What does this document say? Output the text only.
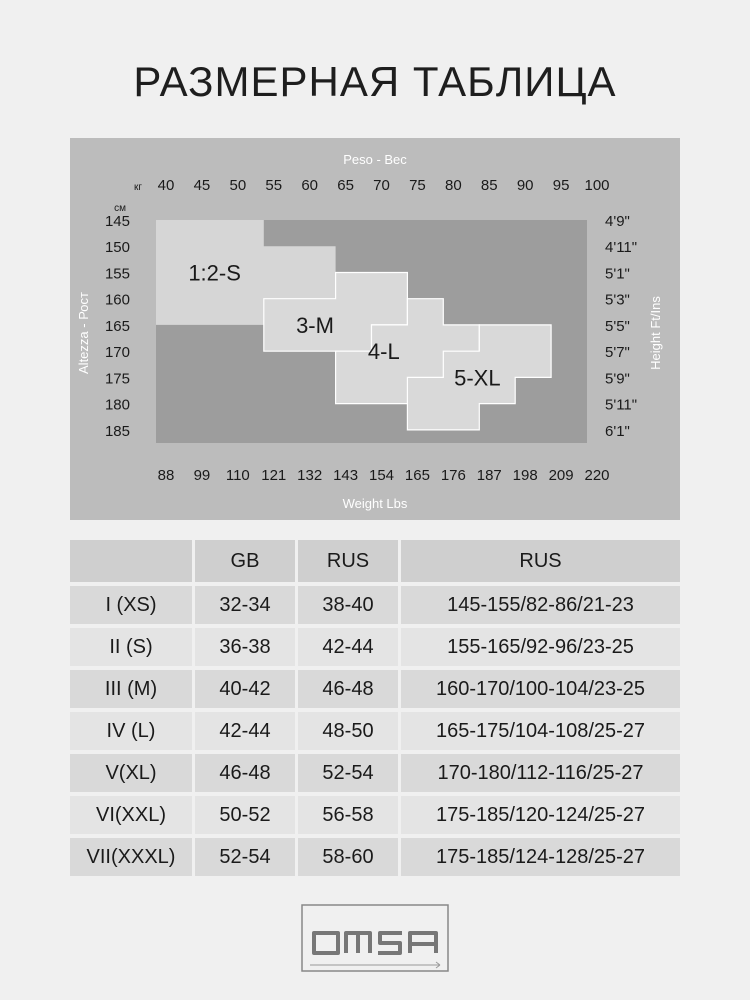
РАЗМЕРНАЯ ТАБЛИЦА
1:2-S
3-M
4-L
5-XL
Peso - Вес
кг 40 45 50 55 60 65 70 75 80 85 90 95 100
88 99 110 121 132 143 154 165 176 187 198 209 220
Weight Lbs
см
145
150
155
160
165
170
175
180
185
Altezza - Рост
4'9"
4'11"
5'1"
5'3"
5'5"
5'7"
5'9"
5'11"
6'1"
Height Ft/Ins
	GB	RUS	RUS
I (XS)	32-34	38-40	145-155/82-86/21-23
II (S)	36-38	42-44	155-165/92-96/23-25
III (M)	40-42	46-48	160-170/100-104/23-25
IV (L)	42-44	48-50	165-175/104-108/25-27
V(XL)	46-48	52-54	170-180/112-116/25-27
VI(XXL)	50-52	56-58	175-185/120-124/25-27
VII(XXXL)	52-54	58-60	175-185/124-128/25-27
